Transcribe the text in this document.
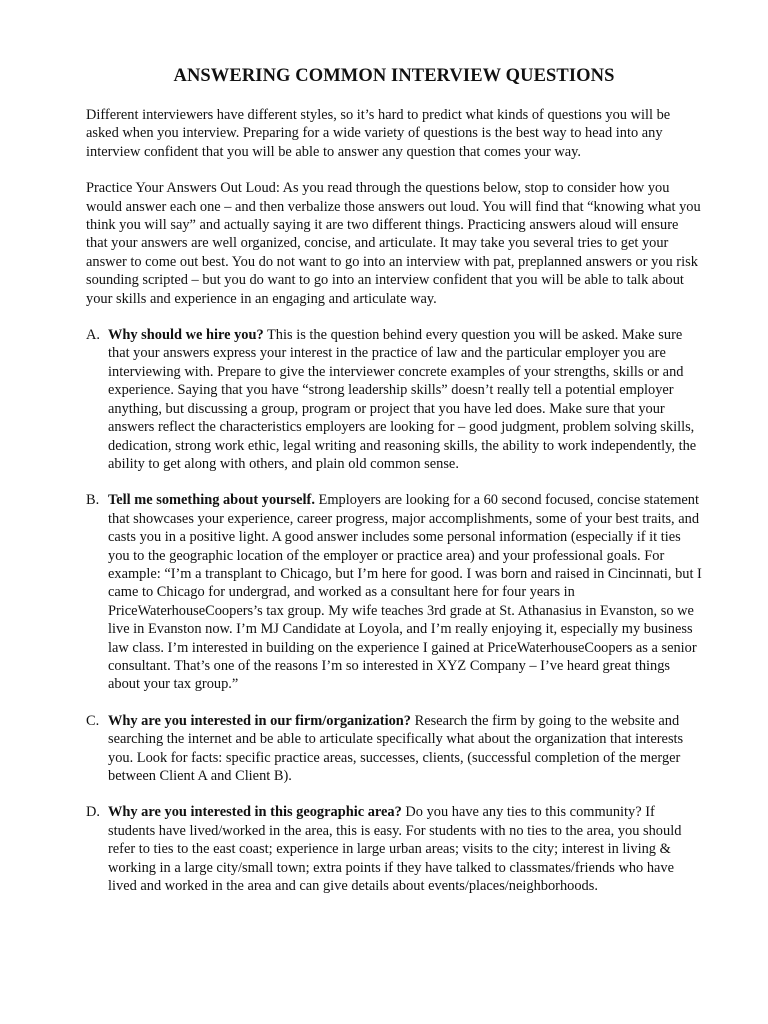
ANSWERING COMMON INTERVIEW QUESTIONS

Different interviewers have different styles, so it’s hard to predict what kinds of questions you will be asked when you interview. Preparing for a wide variety of questions is the best way to head into any interview confident that you will be able to answer any question that comes your way.

Practice Your Answers Out Loud: As you read through the questions below, stop to consider how you would answer each one – and then verbalize those answers out loud. You will find that “knowing what you think you will say” and actually saying it are two different things. Practicing answers aloud will ensure that your answers are well organized, concise, and articulate. It may take you several tries to get your answer to come out best. You do not want to go into an interview with pat, preplanned answers or you risk sounding scripted – but you do want to go into an interview confident that you will be able to talk about your skills and experience in an engaging and articulate way.

A. Why should we hire you? This is the question behind every question you will be asked. Make sure that your answers express your interest in the practice of law and the particular employer you are interviewing with. Prepare to give the interviewer concrete examples of your strengths, skills or and experience. Saying that you have “strong leadership skills” doesn’t really tell a potential employer anything, but discussing a group, program or project that you have led does. Make sure that your answers reflect the characteristics employers are looking for – good judgment, problem solving skills, dedication, strong work ethic, legal writing and reasoning skills, the ability to work independently, the ability to get along with others, and plain old common sense.
B. Tell me something about yourself. Employers are looking for a 60 second focused, concise statement that showcases your experience, career progress, major accomplishments, some of your best traits, and casts you in a positive light. A good answer includes some personal information (especially if it ties you to the geographic location of the employer or practice area) and your professional goals. For example: “I’m a transplant to Chicago, but I’m here for good. I was born and raised in Cincinnati, but I came to Chicago for undergrad, and worked as a consultant here for four years in PriceWaterhouseCoopers’s tax group. My wife teaches 3rd grade at St. Athanasius in Evanston, so we live in Evanston now. I’m MJ Candidate at Loyola, and I’m really enjoying it, especially my business law class. I’m interested in building on the experience I gained at PriceWaterhouseCoopers as a senior consultant. That’s one of the reasons I’m so interested in XYZ Company – I’ve heard great things about your tax group.”
C. Why are you interested in our firm/organization? Research the firm by going to the website and searching the internet and be able to articulate specifically what about the organization that interests you. Look for facts: specific practice areas, successes, clients, (successful completion of the merger between Client A and Client B).
D. Why are you interested in this geographic area? Do you have any ties to this community? If students have lived/worked in the area, this is easy. For students with no ties to the area, you should refer to ties to the east coast; experience in large urban areas; visits to the city; interest in living & working in a large city/small town; extra points if they have talked to classmates/friends who have lived and worked in the area and can give details about events/places/neighborhoods.
